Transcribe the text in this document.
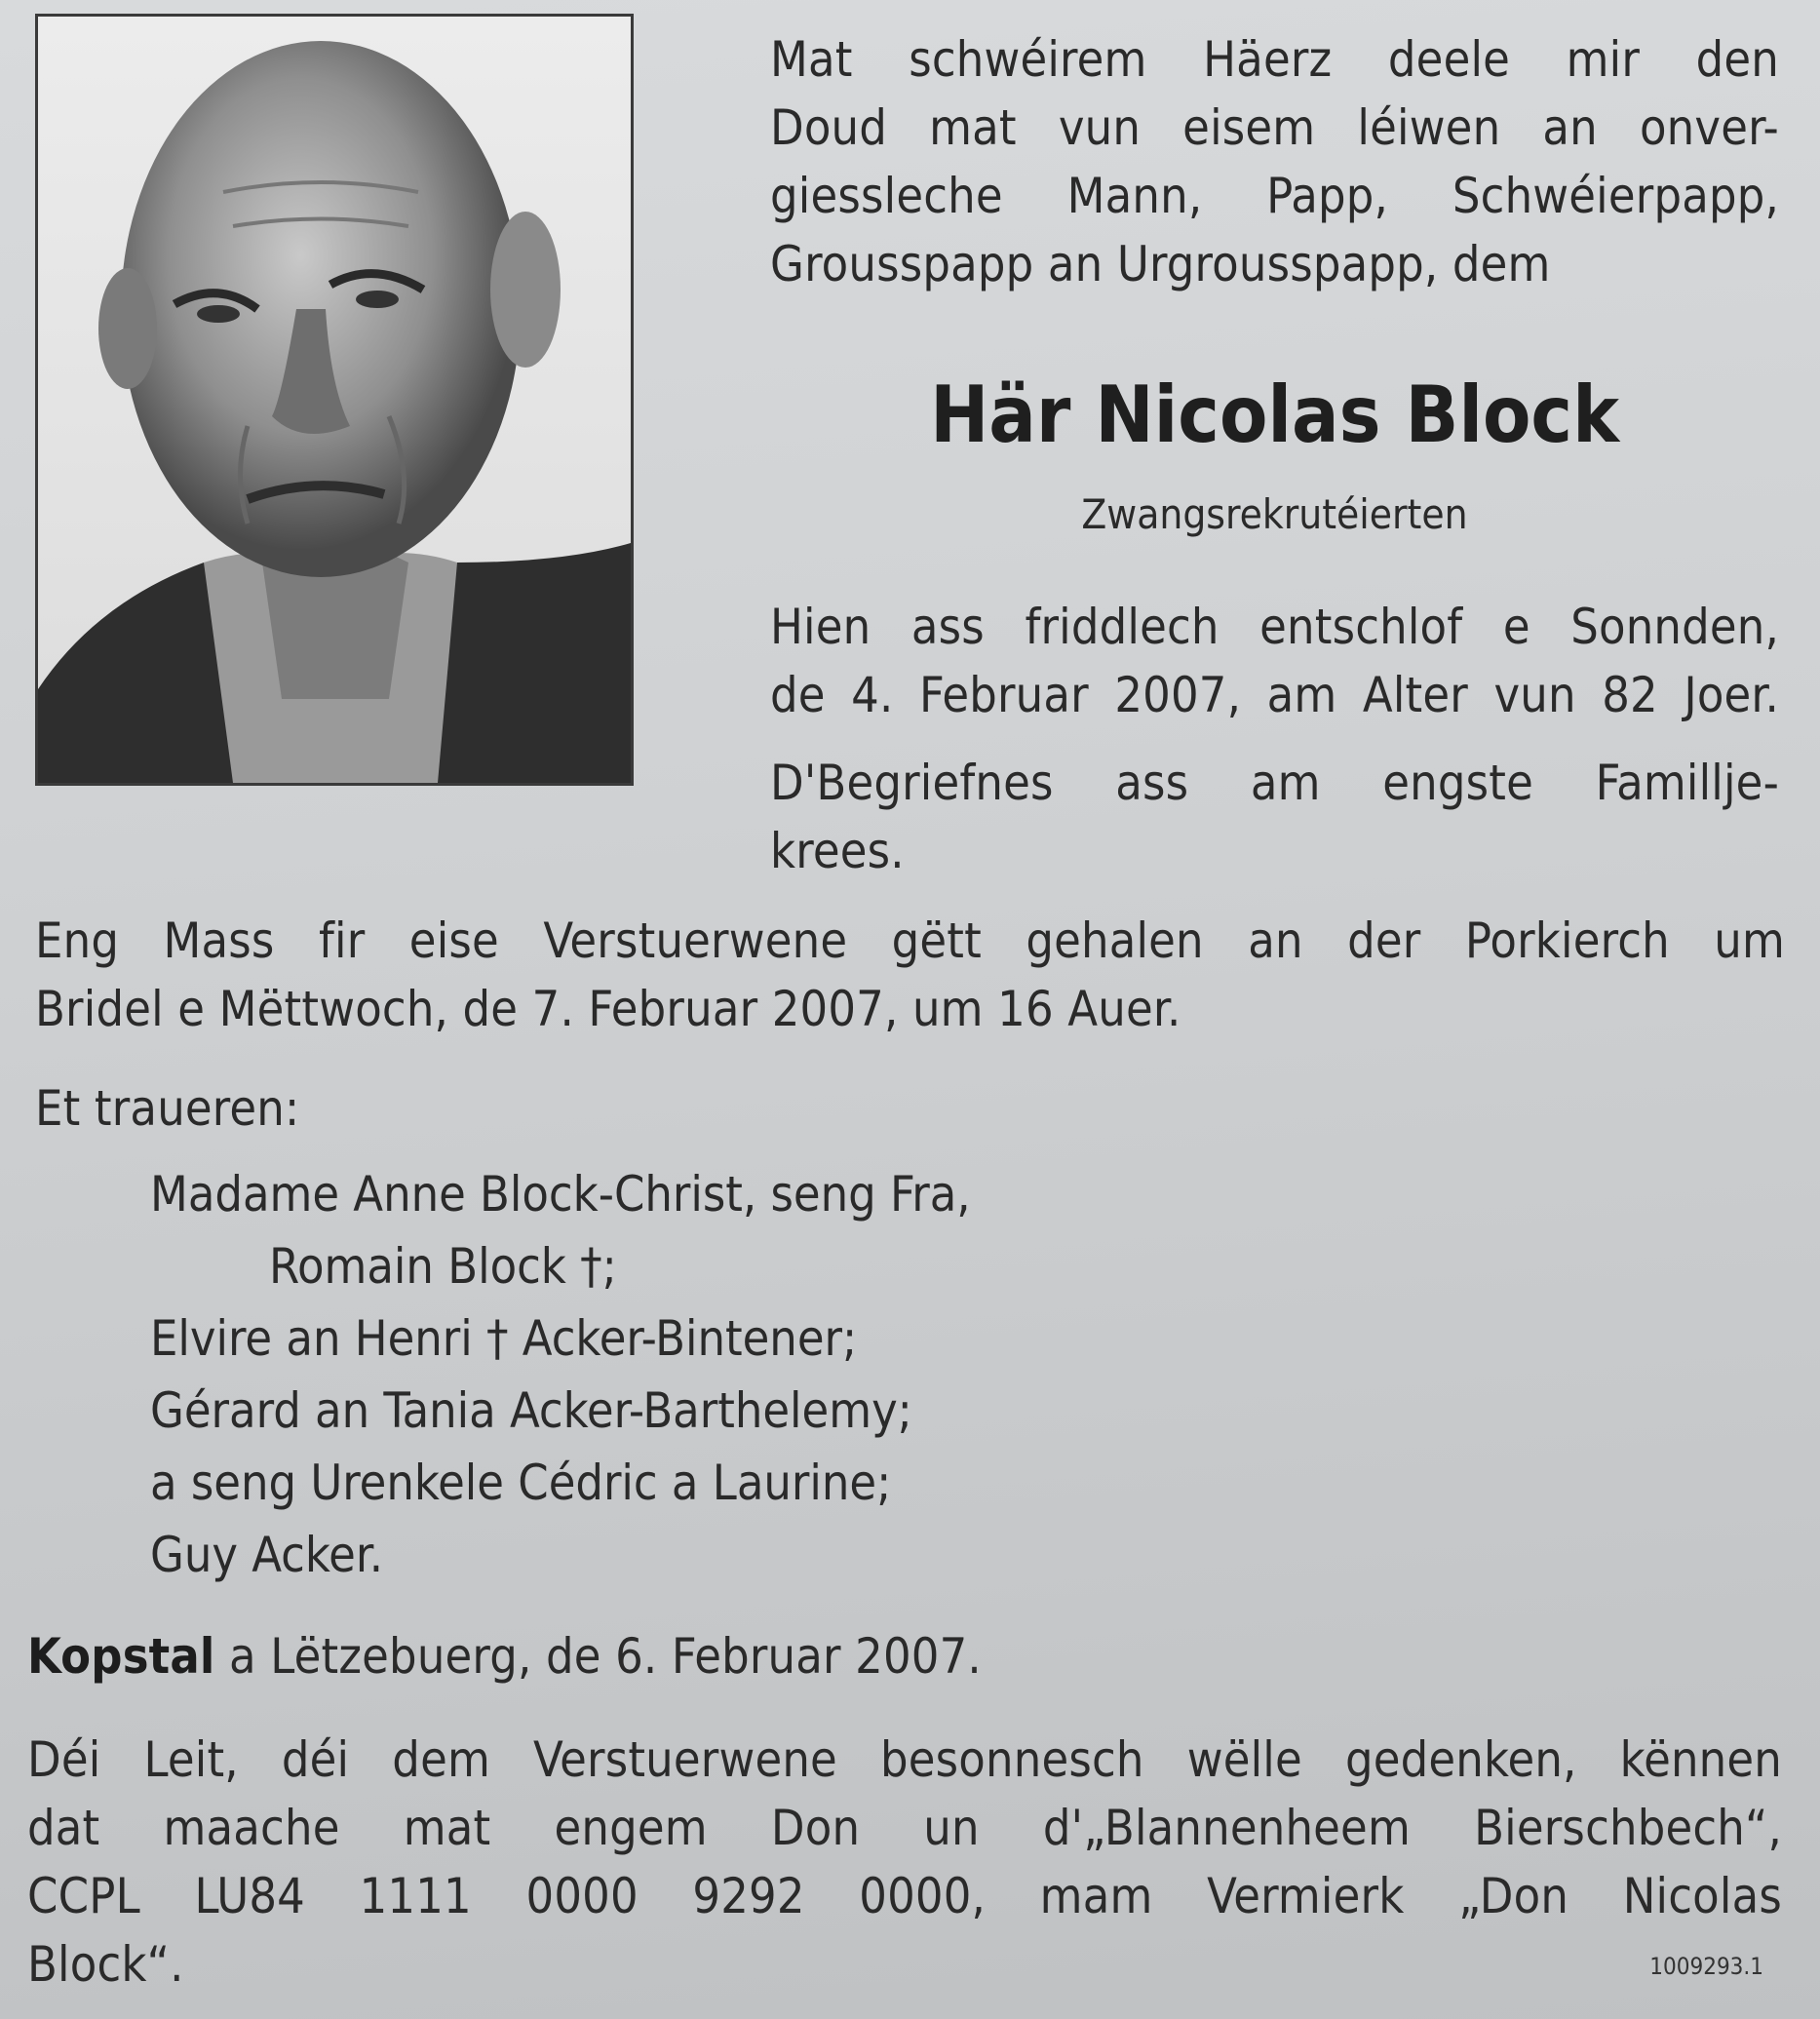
Mat schwéirem Häerz deele mir den
Doud mat vun eisem léiwen an onver-
giessleche Mann, Papp, Schwéierpapp,
Grousspapp an Urgrousspapp, dem
Här Nicolas Block
Zwangsrekrutéierten
Hien ass friddlech entschlof e Sonnden,
de 4. Februar 2007, am Alter vun 82 Joer.
D'Begriefnes ass am engste Famillje-
krees.
Eng Mass fir eise Verstuerwene gëtt gehalen an der Porkierch um
Bridel e Mëttwoch, de 7. Februar 2007, um 16 Auer.
Et traueren:
Madame Anne Block-Christ, seng Fra,
Romain Block †;
Elvire an Henri † Acker-Bintener;
Gérard an Tania Acker-Barthelemy;
a seng Urenkele Cédric a Laurine;
Guy Acker.
Kopstal a Lëtzebuerg, de 6. Februar 2007.
Déi Leit, déi dem Verstuerwene besonnesch wëlle gedenken, kënnen
dat maache mat engem Don un d'„Blannenheem Bierschbech“,
CCPL LU84 1111 0000 9292 0000, mam Vermierk „Don Nicolas
Block“.	1009293.1
